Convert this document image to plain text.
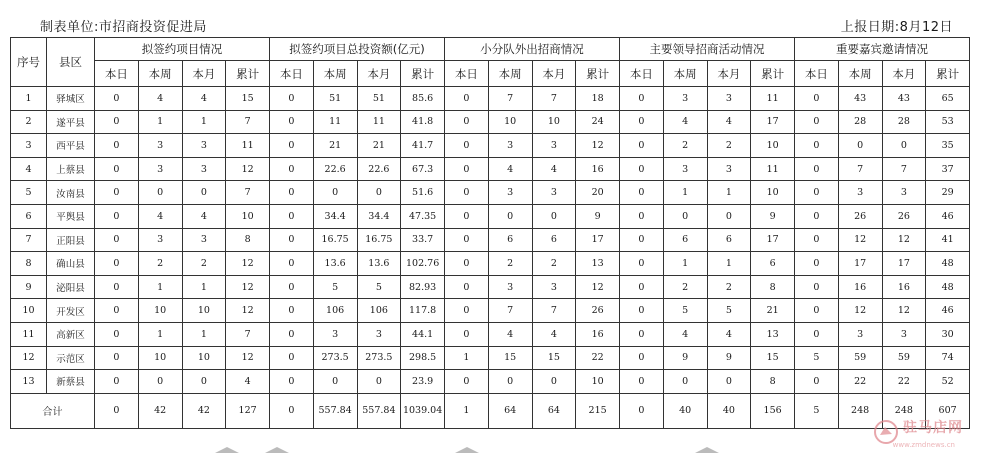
制表单位:市招商投资促进局	上报日期:8月12日
序号	县区	拟签约项目情况				拟签约项目总投资额(亿元)				小分队外出招商情况				主要领导招商活动情况				重要嘉宾邀请情况			
		本日	本周	本月	累计	本日	本周	本月	累计	本日	本周	本月	累计	本日	本周	本月	累计	本日	本周	本月	累计
1	驿城区	0	4	4	15	0	51	51	85.6	0	7	7	18	0	3	3	11	0	43	43	65
2	遂平县	0	1	1	7	0	11	11	41.8	0	10	10	24	0	4	4	17	0	28	28	53
3	西平县	0	3	3	11	0	21	21	41.7	0	3	3	12	0	2	2	10	0	0	0	35
4	上蔡县	0	3	3	12	0	22.6	22.6	67.3	0	4	4	16	0	3	3	11	0	7	7	37
5	汝南县	0	0	0	7	0	0	0	51.6	0	3	3	20	0	1	1	10	0	3	3	29
6	平舆县	0	4	4	10	0	34.4	34.4	47.35	0	0	0	9	0	0	0	9	0	26	26	46
7	正阳县	0	3	3	8	0	16.75	16.75	33.7	0	6	6	17	0	6	6	17	0	12	12	41
8	确山县	0	2	2	12	0	13.6	13.6	102.76	0	2	2	13	0	1	1	6	0	17	17	48
9	泌阳县	0	1	1	12	0	5	5	82.93	0	3	3	12	0	2	2	8	0	16	16	48
10	开发区	0	10	10	12	0	106	106	117.8	0	7	7	26	0	5	5	21	0	12	12	46
11	高新区	0	1	1	7	0	3	3	44.1	0	4	4	16	0	4	4	13	0	3	3	30
12	示范区	0	10	10	12	0	273.5	273.5	298.5	1	15	15	22	0	9	9	15	5	59	59	74
13	新蔡县	0	0	0	4	0	0	0	23.9	0	0	0	10	0	0	0	8	0	22	22	52
合计		0	42	42	127	0	557.84	557.84	1039.04	1	64	64	215	0	40	40	156	5	248	248	607
驻马店网
www.zmdnews.cn
